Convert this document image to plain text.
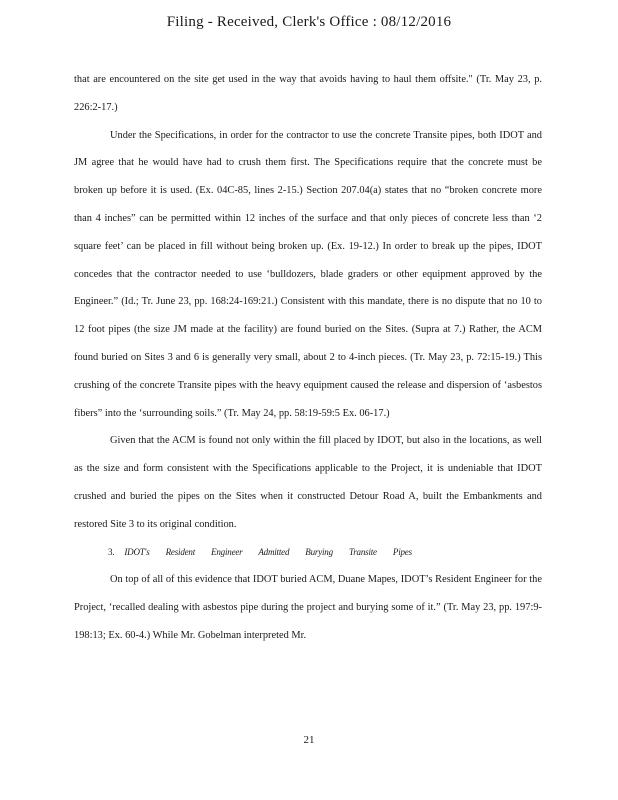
Filing - Received, Clerk's Office : 08/12/2016

that are encountered on the site get used in the way that avoids having to haul them offsite." (Tr. May 23, p. 226:2-17.)

Under the Specifications, in order for the contractor to use the concrete Transite pipes, both IDOT and JM agree that he would have had to crush them first. The Specifications require that the concrete must be broken up before it is used. (Ex. 04C-85, lines 2-15.) Section 207.04(a) states that no “broken concrete more than 4 inches” can be permitted within 12 inches of the surface and that only pieces of concrete less than ‘2 square feet’ can be placed in fill without being broken up. (Ex. 19-12.) In order to break up the pipes, IDOT concedes that the contractor needed to use ‘bulldozers, blade graders or other equipment approved by the Engineer.” (Id.; Tr. June 23, pp. 168:24-169:21.) Consistent with this mandate, there is no dispute that no 10 to 12 foot pipes (the size JM made at the facility) are found buried on the Sites. (Supra at 7.) Rather, the ACM found buried on Sites 3 and 6 is generally very small, about 2 to 4-inch pieces. (Tr. May 23, p. 72:15-19.) This crushing of the concrete Transite pipes with the heavy equipment caused the release and dispersion of ‘asbestos fibers” into the ‘surrounding soils.” (Tr. May 24, pp. 58:19-59:5 Ex. 06-17.)

Given that the ACM is found not only within the fill placed by IDOT, but also in the locations, as well as the size and form consistent with the Specifications applicable to the Project, it is undeniable that IDOT crushed and buried the pipes on the Sites when it constructed Detour Road A, built the Embankments and restored Site 3 to its original condition.

3. IDOT's Resident Engineer Admitted Burying Transite Pipes

On top of all of this evidence that IDOT buried ACM, Duane Mapes, IDOT’s Resident Engineer for the Project, ‘recalled dealing with asbestos pipe during the project and burying some of it.” (Tr. May 23, pp. 197:9-198:13; Ex. 60-4.) While Mr. Gobelman interpreted Mr.

21
